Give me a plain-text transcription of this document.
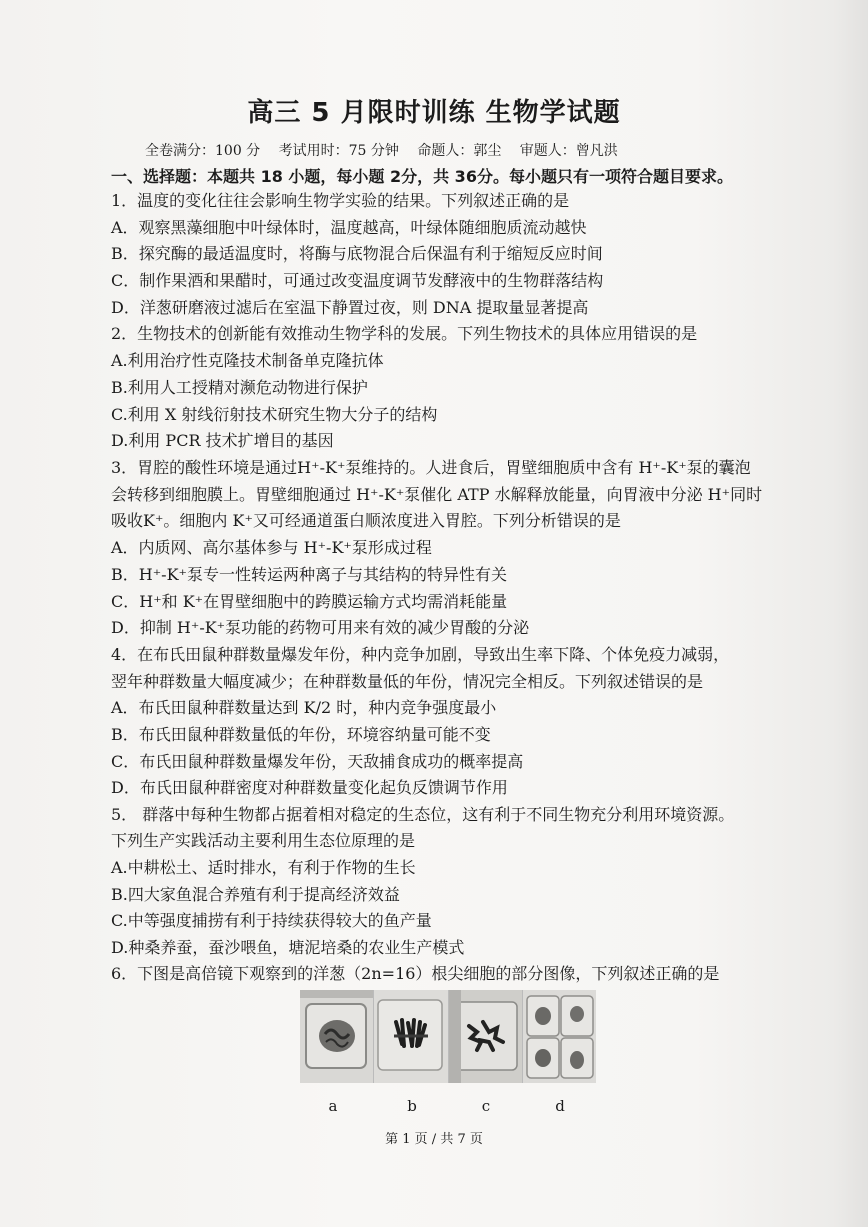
高三 5 月限时训练 生物学试题
全卷满分：100 分 考试用时：75 分钟 命题人：郭尘 审题人：曾凡洪
一、选择题：本题共 18 小题，每小题 2分，共 36分。每小题只有一项符合题目要求。
1．温度的变化往往会影响生物学实验的结果。下列叙述正确的是
A．观察黑藻细胞中叶绿体时，温度越高，叶绿体随细胞质流动越快
B．探究酶的最适温度时，将酶与底物混合后保温有利于缩短反应时间
C．制作果酒和果醋时，可通过改变温度调节发酵液中的生物群落结构
D．洋葱研磨液过滤后在室温下静置过夜，则 DNA 提取量显著提高
2．生物技术的创新能有效推动生物学科的发展。下列生物技术的具体应用错误的是
A.利用治疗性克隆技术制备单克隆抗体
B.利用人工授精对濒危动物进行保护
C.利用 X 射线衍射技术研究生物大分子的结构
D.利用 PCR 技术扩增目的基因
3．胃腔的酸性环境是通过H⁺-K⁺泵维持的。人进食后，胃壁细胞质中含有 H⁺-K⁺泵的囊泡
会转移到细胞膜上。胃壁细胞通过 H⁺-K⁺泵催化 ATP 水解释放能量，向胃液中分泌 H⁺同时
吸收K⁺。细胞内 K⁺又可经通道蛋白顺浓度进入胃腔。下列分析错误的是
A．内质网、高尔基体参与 H⁺-K⁺泵形成过程
B．H⁺-K⁺泵专一性转运两种离子与其结构的特异性有关
C．H⁺和 K⁺在胃壁细胞中的跨膜运输方式均需消耗能量
D．抑制 H⁺-K⁺泵功能的药物可用来有效的减少胃酸的分泌
4．在布氏田鼠种群数量爆发年份，种内竞争加剧，导致出生率下降、个体免疫力减弱，
翌年种群数量大幅度减少；在种群数量低的年份，情况完全相反。下列叙述错误的是
A．布氏田鼠种群数量达到 K/2 时，种内竞争强度最小
B．布氏田鼠种群数量低的年份，环境容纳量可能不变
C．布氏田鼠种群数量爆发年份，天敌捕食成功的概率提高
D．布氏田鼠种群密度对种群数量变化起负反馈调节作用
5． 群落中每种生物都占据着相对稳定的生态位，这有利于不同生物充分利用环境资源。
下列生产实践活动主要利用生态位原理的是
A.中耕松土、适时排水，有利于作物的生长
B.四大家鱼混合养殖有利于提高经济效益
C.中等强度捕捞有利于持续获得较大的鱼产量
D.种桑养蚕，蚕沙喂鱼，塘泥培桑的农业生产模式
6．下图是高倍镜下观察到的洋葱（2n=16）根尖细胞的部分图像，下列叙述正确的是
a	b	c	d
第 1 页 / 共 7 页
